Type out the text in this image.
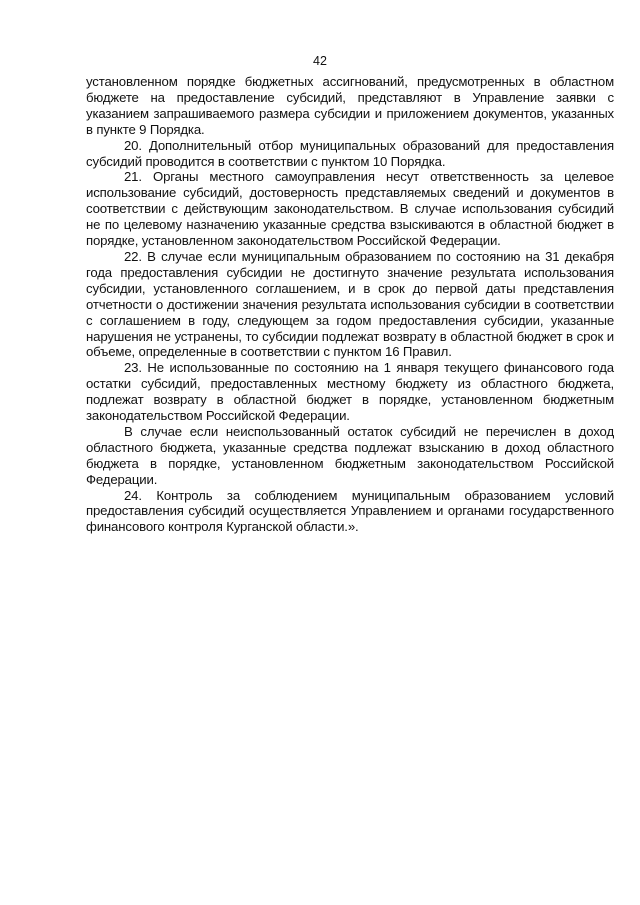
42

установленном порядке бюджетных ассигнований, предусмотренных в областном бюджете на предоставление субсидий, представляют в Управление заявки с указанием запрашиваемого размера субсидии и приложением документов, указанных в пункте 9 Порядка.

20. Дополнительный отбор муниципальных образований для предоставления субсидий проводится в соответствии с пунктом 10 Порядка.

21. Органы местного самоуправления несут ответственность за целевое использование субсидий, достоверность представляемых сведений и документов в соответствии с действующим законодательством. В случае использования субсидий не по целевому назначению указанные средства взыскиваются в областной бюджет в порядке, установленном законодательством Российской Федерации.

22. В случае если муниципальным образованием по состоянию на 31 декабря года предоставления субсидии не достигнуто значение результата использования субсидии, установленного соглашением, и в срок до первой даты представления отчетности о достижении значения результата использования субсидии в соответствии с соглашением в году, следующем за годом предоставления субсидии, указанные нарушения не устранены, то субсидии подлежат возврату в областной бюджет в срок и объеме, определенные в соответствии с пунктом 16 Правил.

23. Не использованные по состоянию на 1 января текущего финансового года остатки субсидий, предоставленных местному бюджету из областного бюджета, подлежат возврату в областной бюджет в порядке, установленном бюджетным законодательством Российской Федерации.

В случае если неиспользованный остаток субсидий не перечислен в доход областного бюджета, указанные средства подлежат взысканию в доход областного бюджета в порядке, установленном бюджетным законодательством Российской Федерации.

24. Контроль за соблюдением муниципальным образованием условий предоставления субсидий осуществляется Управлением и органами государственного финансового контроля Курганской области.».
